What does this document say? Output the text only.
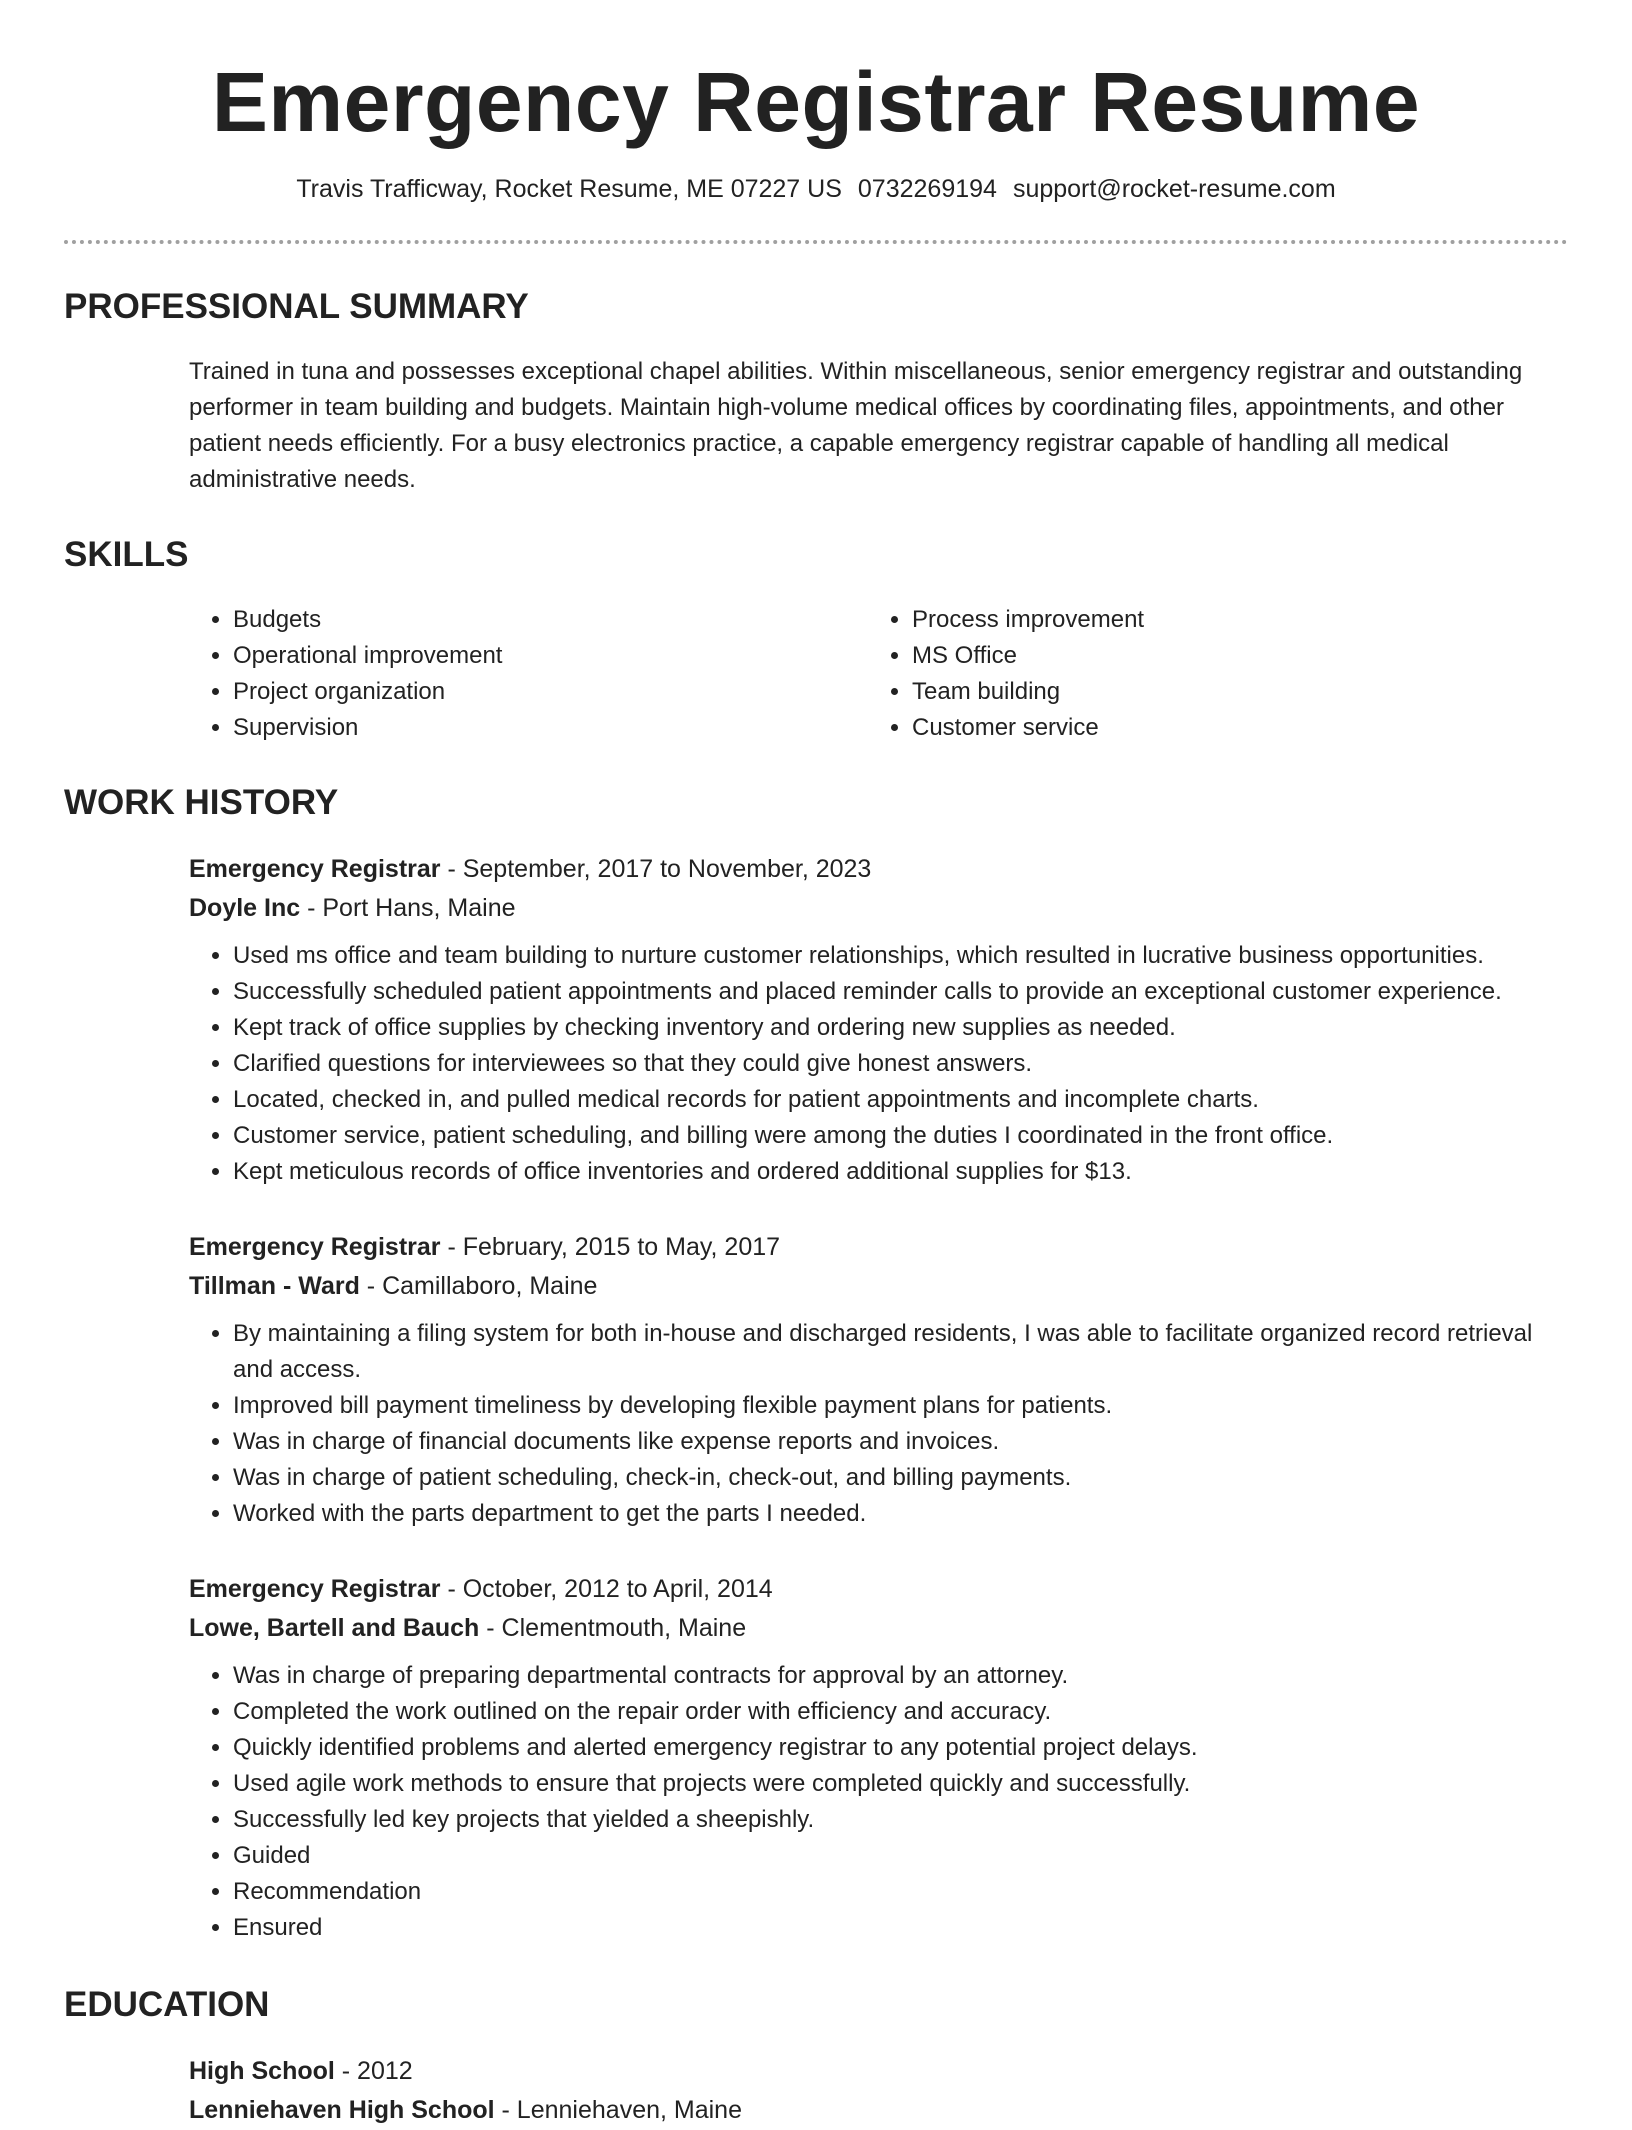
Emergency Registrar Resume
Travis Trafficway, Rocket Resume, ME 07227 US 0732269194 support@rocket-resume.com
PROFESSIONAL SUMMARY

Trained in tuna and possesses exceptional chapel abilities. Within miscellaneous, senior emergency registrar and outstanding performer in team building and budgets. Maintain high-volume medical offices by coordinating files, appointments, and other patient needs efficiently. For a busy electronics practice, a capable emergency registrar capable of handling all medical administrative needs.

SKILLS
• Budgets
• Operational improvement
• Project organization
• Supervision
• Process improvement
• MS Office
• Team building
• Customer service
WORK HISTORY
Emergency Registrar - September, 2017 to November, 2023
Doyle Inc - Port Hans, Maine
• Used ms office and team building to nurture customer relationships, which resulted in lucrative business opportunities.
• Successfully scheduled patient appointments and placed reminder calls to provide an exceptional customer experience.
• Kept track of office supplies by checking inventory and ordering new supplies as needed.
• Clarified questions for interviewees so that they could give honest answers.
• Located, checked in, and pulled medical records for patient appointments and incomplete charts.
• Customer service, patient scheduling, and billing were among the duties I coordinated in the front office.
• Kept meticulous records of office inventories and ordered additional supplies for $13.
Emergency Registrar - February, 2015 to May, 2017
Tillman - Ward - Camillaboro, Maine
• By maintaining a filing system for both in-house and discharged residents, I was able to facilitate organized record retrieval and access.
• Improved bill payment timeliness by developing flexible payment plans for patients.
• Was in charge of financial documents like expense reports and invoices.
• Was in charge of patient scheduling, check-in, check-out, and billing payments.
• Worked with the parts department to get the parts I needed.
Emergency Registrar - October, 2012 to April, 2014
Lowe, Bartell and Bauch - Clementmouth, Maine
• Was in charge of preparing departmental contracts for approval by an attorney.
• Completed the work outlined on the repair order with efficiency and accuracy.
• Quickly identified problems and alerted emergency registrar to any potential project delays.
• Used agile work methods to ensure that projects were completed quickly and successfully.
• Successfully led key projects that yielded a sheepishly.
• Guided
• Recommendation
• Ensured
EDUCATION
High School - 2012
Lenniehaven High School - Lenniehaven, Maine
